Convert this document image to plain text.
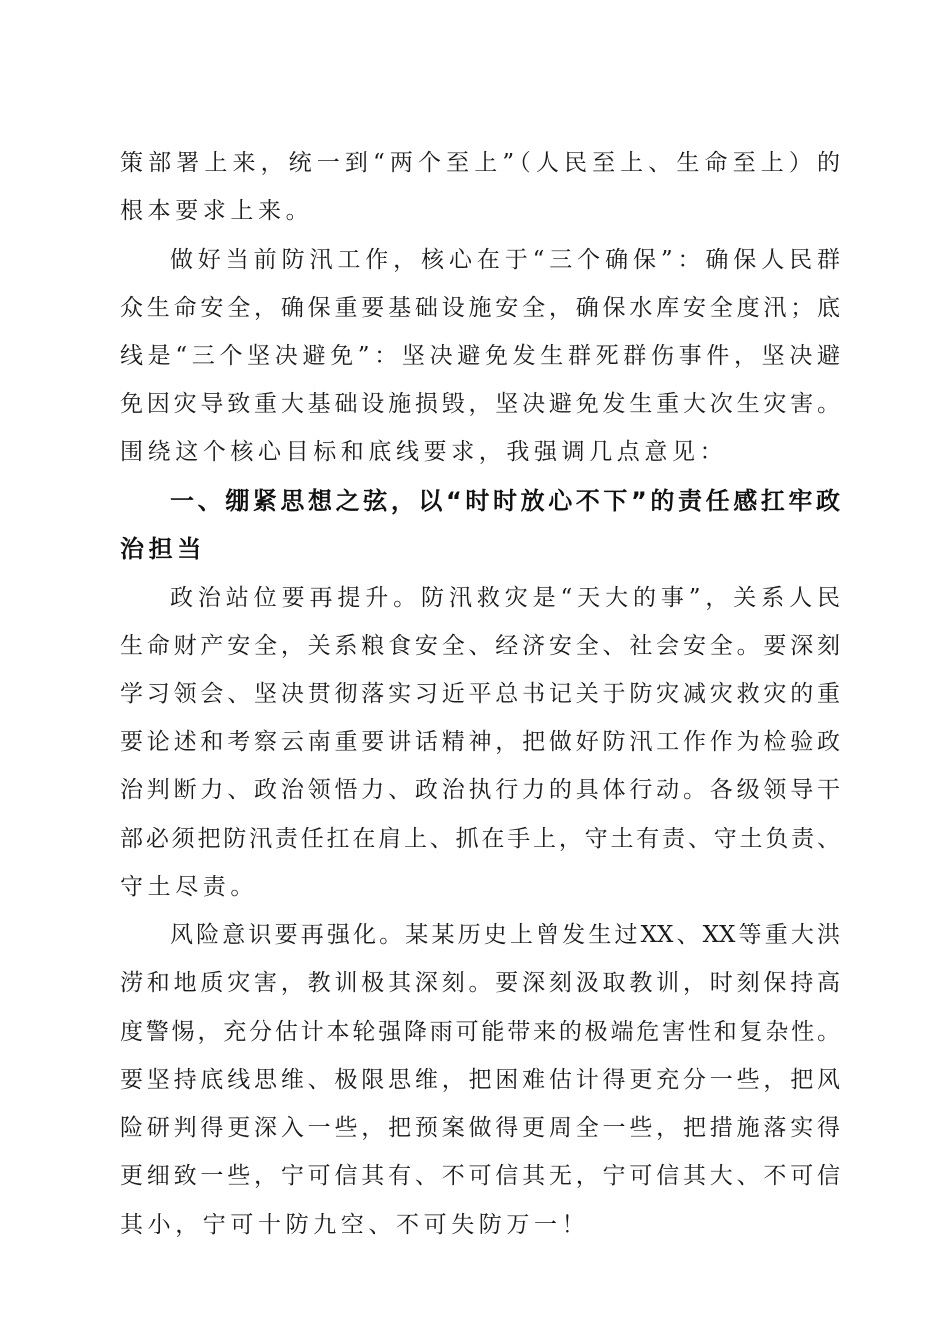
策部署上来，统一到“两个至上”（人民至上、生命至上）的
根本要求上来。
做好当前防汛工作，核心在于“三个确保”：确保人民群
众生命安全，确保重要基础设施安全，确保水库安全度汛；底
线是“三个坚决避免”：坚决避免发生群死群伤事件，坚决避
免因灾导致重大基础设施损毁，坚决避免发生重大次生灾害。
围绕这个核心目标和底线要求，我强调几点意见：
一、绷紧思想之弦，以“时时放心不下”的责任感扛牢政
治担当
政治站位要再提升。防汛救灾是“天大的事”，关系人民
生命财产安全，关系粮食安全、经济安全、社会安全。要深刻
学习领会、坚决贯彻落实习近平总书记关于防灾减灾救灾的重
要论述和考察云南重要讲话精神，把做好防汛工作作为检验政
治判断力、政治领悟力、政治执行力的具体行动。各级领导干
部必须把防汛责任扛在肩上、抓在手上，守土有责、守土负责、
守土尽责。
风险意识要再强化。某某历史上曾发生过XX、XX等重大洪
涝和地质灾害，教训极其深刻。要深刻汲取教训，时刻保持高
度警惕，充分估计本轮强降雨可能带来的极端危害性和复杂性。
要坚持底线思维、极限思维，把困难估计得更充分一些，把风
险研判得更深入一些，把预案做得更周全一些，把措施落实得
更细致一些，宁可信其有、不可信其无，宁可信其大、不可信
其小，宁可十防九空、不可失防万一！
